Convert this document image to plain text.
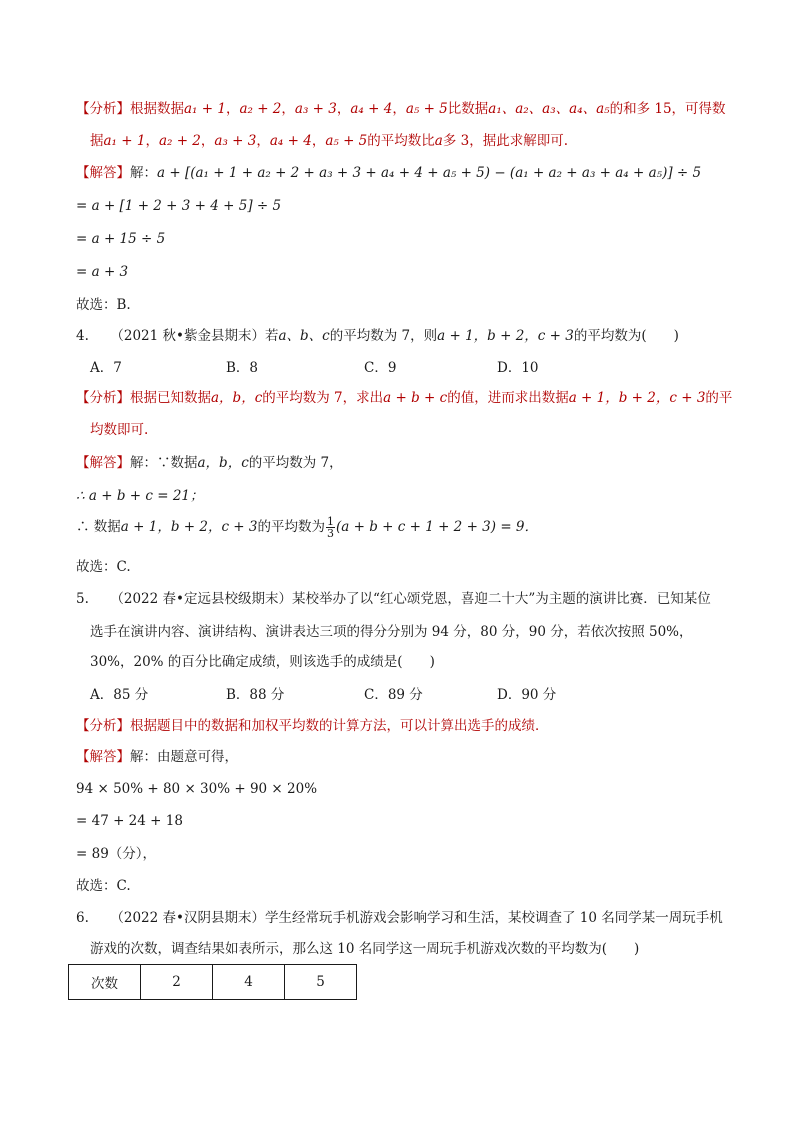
【分析】根据数据a₁ + 1，a₂ + 2，a₃ + 3，a₄ + 4，a₅ + 5比数据a₁、a₂、a₃、a₄、a₅的和多 15，可得数
据a₁ + 1，a₂ + 2，a₃ + 3，a₄ + 4，a₅ + 5的平均数比a多 3，据此求解即可.
【解答】解：a + [(a₁ + 1 + a₂ + 2 + a₃ + 3 + a₄ + 4 + a₅ + 5) − (a₁ + a₂ + a₃ + a₄ + a₅)] ÷ 5
= a + [1 + 2 + 3 + 4 + 5] ÷ 5
= a + 15 ÷ 5
= a + 3
故选：B.
4. （2021 秋•紫金县期末）若a、b、c的平均数为 7，则a + 1，b + 2，c + 3的平均数为(　　)
A．7	B．8	C．9	D．10
【分析】根据已知数据a，b，c的平均数为 7，求出a + b + c的值，进而求出数据a + 1，b + 2，c + 3的平
均数即可.
【解答】解：∵数据a，b，c的平均数为 7，
∴ a + b + c = 21；
∴ 数据a + 1，b + 2，c + 3的平均数为 $\frac{1}{3} (a + b + c + 1 + 2 + 3) = 9$．
故选：C.
5. （2022 春•定远县校级期末）某校举办了以“红心颂党恩，喜迎二十大”为主题的演讲比赛．已知某位
选手在演讲内容、演讲结构、演讲表达三项的得分分别为 94 分，80 分，90 分，若依次按照 50%，
30%，20% 的百分比确定成绩，则该选手的成绩是(　　)
A．85 分	B．88 分	C．89 分	D．90 分
【分析】根据题目中的数据和加权平均数的计算方法，可以计算出选手的成绩．
【解答】解：由题意可得，
94 × 50% + 80 × 30% + 90 × 20%
= 47 + 24 + 18
= 89（分），
故选：C.
6. （2022 春•汉阴县期末）学生经常玩手机游戏会影响学习和生活，某校调查了 10 名同学某一周玩手机
游戏的次数，调查结果如表所示，那么这 10 名同学这一周玩手机游戏次数的平均数为(　　)
次数	2	4	5
